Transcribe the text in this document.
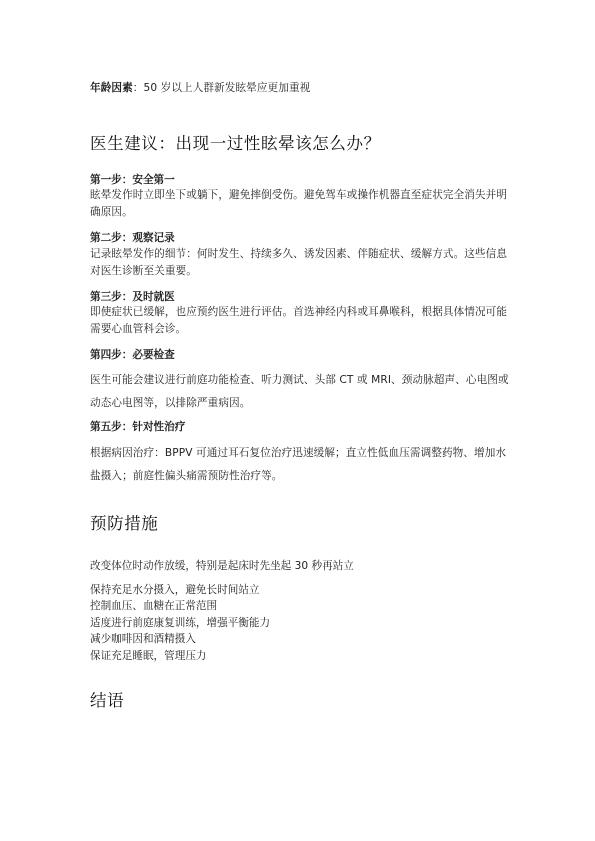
年龄因素：50 岁以上人群新发眩晕应更加重视
医生建议：出现一过性眩晕该怎么办？
第一步：安全第一
眩晕发作时立即坐下或躺下，避免摔倒受伤。避免驾车或操作机器直至症状完全消失并明确原因。
第二步：观察记录
记录眩晕发作的细节：何时发生、持续多久、诱发因素、伴随症状、缓解方式。这些信息对医生诊断至关重要。
第三步：及时就医
即使症状已缓解，也应预约医生进行评估。首选神经内科或耳鼻喉科，根据具体情况可能需要心血管科会诊。
第四步：必要检查
医生可能会建议进行前庭功能检查、听力测试、头部 CT 或 MRI、颈动脉超声、心电图或动态心电图等，以排除严重病因。
第五步：针对性治疗
根据病因治疗：BPPV 可通过耳石复位治疗迅速缓解；直立性低血压需调整药物、增加水盐摄入；前庭性偏头痛需预防性治疗等。
预防措施
改变体位时动作放缓，特别是起床时先坐起 30 秒再站立
保持充足水分摄入，避免长时间站立
控制血压、血糖在正常范围
适度进行前庭康复训练，增强平衡能力
减少咖啡因和酒精摄入
保证充足睡眠，管理压力
结语
